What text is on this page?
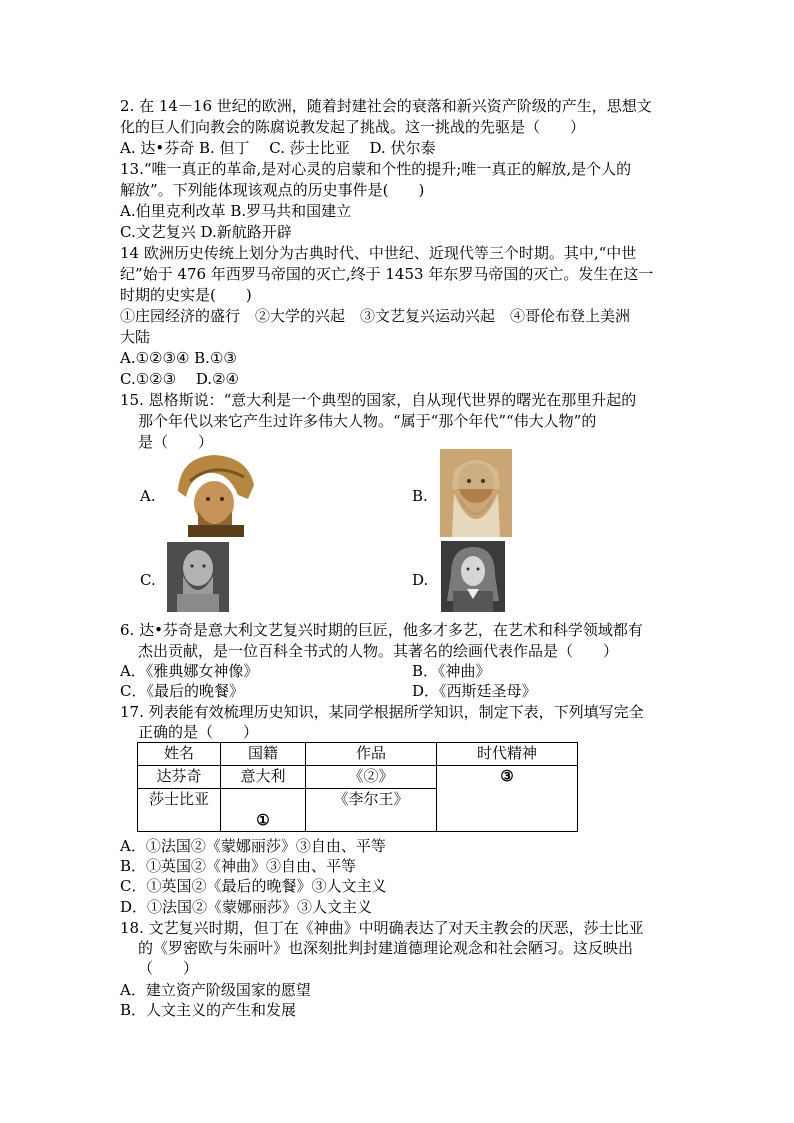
2. 在 14－16 世纪的欧洲，随着封建社会的衰落和新兴资产阶级的产生，思想文
化的巨人们向教会的陈腐说教发起了挑战。这一挑战的先驱是（　　）
A. 达•芬奇 B. 但丁　 C. 莎士比亚　 D. 伏尔泰
13.“唯一真正的革命,是对心灵的启蒙和个性的提升;唯一真正的解放,是个人的
解放”。下列能体现该观点的历史事件是(　　)
A.伯里克利改革 B.罗马共和国建立
C.文艺复兴 D.新航路开辟
14 欧洲历史传统上划分为古典时代、中世纪、近现代等三个时期。其中,“中世
纪”始于 476 年西罗马帝国的灭亡,终于 1453 年东罗马帝国的灭亡。发生在这一
时期的史实是(　　)
①庄园经济的盛行　②大学的兴起　③文艺复兴运动兴起　④哥伦布登上美洲
大陆
A.①②③④ B.①③
C.①②③　 D.②④
15. 恩格斯说：“意大利是一个典型的国家，自从现代世界的曙光在那里升起的
那个年代以来它产生过许多伟大人物。“属于“那个年代”“伟大人物”的
是（　　）
A.	B.
C.	D.
6. 达•芬奇是意大利文艺复兴时期的巨匠，他多才多艺，在艺术和科学领域都有
杰出贡献，是一位百科全书式的人物。其著名的绘画代表作品是（　　）
A．《雅典娜女神像》	B．《神曲》
C．《最后的晚餐》	D．《西斯廷圣母》
17. 列表能有效梳理历史知识，某同学根据所学知识，制定下表，下列填写完全
正确的是（　　）
姓名	国籍	作品	时代精神
达芬奇	意大利	《②》	③
莎士比亚	①	《李尔王》	
A．①法国②《蒙娜丽莎》③自由、平等
B．①英国②《神曲》③自由、平等
C．①英国②《最后的晚餐》③人文主义
D．①法国②《蒙娜丽莎》③人文主义
18. 文艺复兴时期，但丁在《神曲》中明确表达了对天主教会的厌恶，莎士比亚
的《罗密欧与朱丽叶》也深刻批判封建道德理论观念和社会陋习。这反映出
（　　）
A．建立资产阶级国家的愿望
B．人文主义的产生和发展
